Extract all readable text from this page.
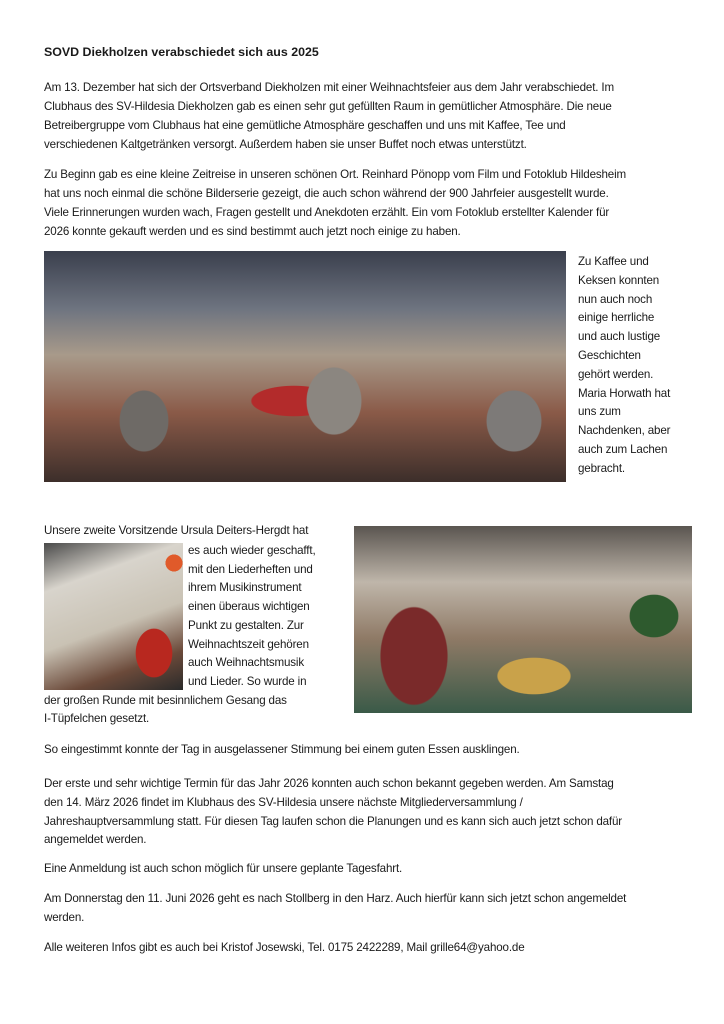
SOVD Diekholzen verabschiedet sich aus 2025
Am 13. Dezember hat sich der Ortsverband Diekholzen mit einer Weihnachtsfeier aus dem Jahr verabschiedet. Im
Clubhaus des SV-Hildesia Diekholzen gab es einen sehr gut gefüllten Raum in gemütlicher Atmosphäre. Die neue
Betreibergruppe vom Clubhaus hat eine gemütliche Atmosphäre geschaffen und uns mit Kaffee, Tee und
verschiedenen Kaltgetränken versorgt. Außerdem haben sie unser Buffet noch etwas unterstützt.
Zu Beginn gab es eine kleine Zeitreise in unseren schönen Ort. Reinhard Pönopp vom Film und Fotoklub Hildesheim
hat uns noch einmal die schöne Bilderserie gezeigt, die auch schon während der 900 Jahrfeier ausgestellt wurde.
Viele Erinnerungen wurden wach, Fragen gestellt und Anekdoten erzählt. Ein vom Fotoklub erstellter Kalender für
2026 konnte gekauft werden und es sind bestimmt auch jetzt noch einige zu haben.
Zu Kaffee und
Keksen konnten
nun auch noch
einige herrliche
und auch lustige
Geschichten
gehört werden.
Maria Horwath hat
uns zum
Nachdenken, aber
auch zum Lachen
gebracht.
Unsere zweite Vorsitzende Ursula Deiters-Hergdt hat
es auch wieder geschafft,
mit den Liederheften und
ihrem Musikinstrument
einen überaus wichtigen
Punkt zu gestalten. Zur
Weihnachtszeit gehören
auch Weihnachtsmusik
und Lieder. So wurde in
der großen Runde mit besinnlichem Gesang das
I-Tüpfelchen gesetzt.
So eingestimmt konnte der Tag in ausgelassener Stimmung bei einem guten Essen ausklingen.
Der erste und sehr wichtige Termin für das Jahr 2026 konnten auch schon bekannt gegeben werden. Am Samstag
den 14. März 2026 findet im Klubhaus des SV-Hildesia unsere nächste Mitgliederversammlung /
Jahreshauptversammlung statt. Für diesen Tag laufen schon die Planungen und es kann sich auch jetzt schon dafür
angemeldet werden.
Eine Anmeldung ist auch schon möglich für unsere geplante Tagesfahrt.
Am Donnerstag den 11. Juni 2026 geht es nach Stollberg in den Harz. Auch hierfür kann sich jetzt schon angemeldet
werden.
Alle weiteren Infos gibt es auch bei Kristof Josewski, Tel. 0175 2422289, Mail grille64@yahoo.de
